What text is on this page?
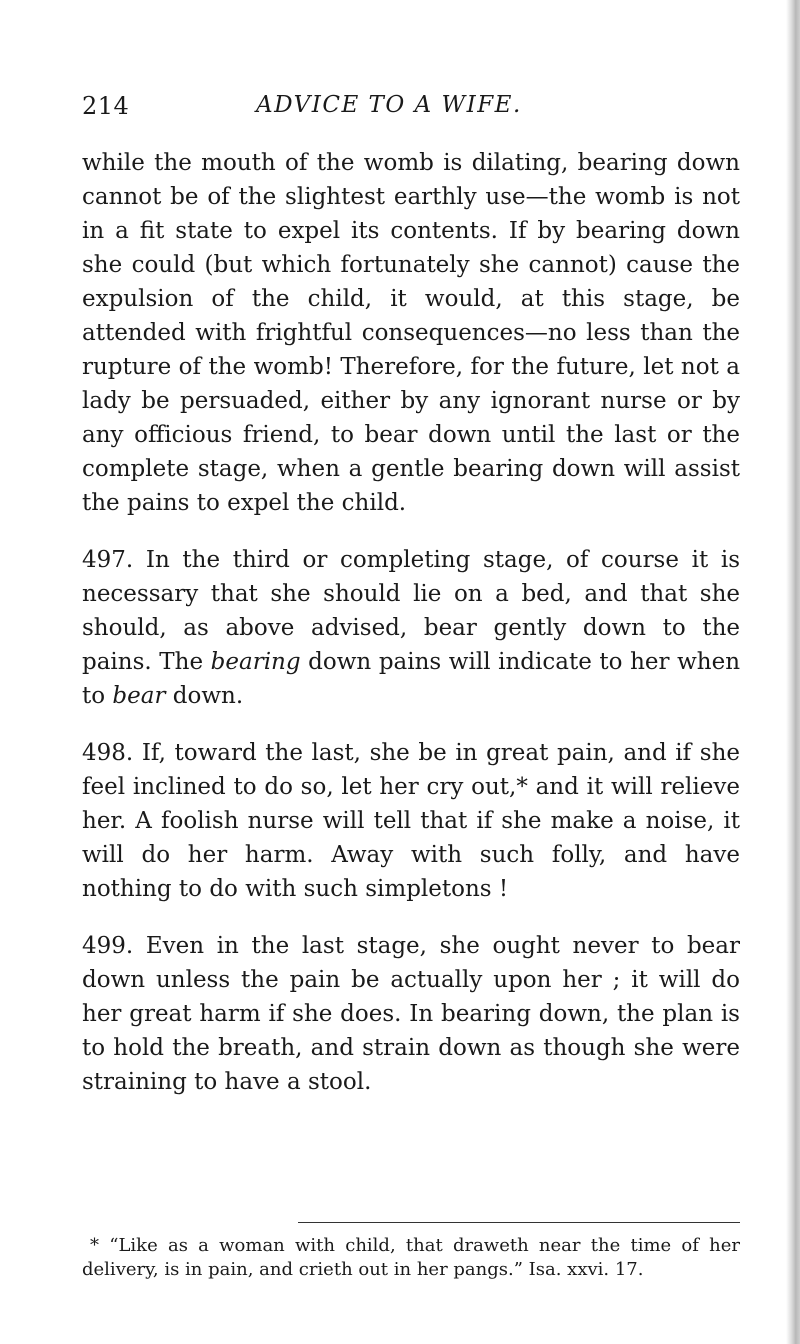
214	ADVICE TO A WIFE.

while the mouth of the womb is dilating, bearing down cannot be of the slightest earthly use—the womb is not in a fit state to expel its contents. If by bearing down she could (but which fortunately she cannot) cause the expulsion of the child, it would, at this stage, be attended with frightful consequences—no less than the rupture of the womb! Therefore, for the future, let not a lady be persuaded, either by any ignorant nurse or by any officious friend, to bear down until the last or the complete stage, when a gentle bearing down will assist the pains to expel the child.

497. In the third or completing stage, of course it is necessary that she should lie on a bed, and that she should, as above advised, bear gently down to the pains. The bearing down pains will indicate to her when to bear down.

498. If, toward the last, she be in great pain, and if she feel inclined to do so, let her cry out,* and it will relieve her. A foolish nurse will tell that if she make a noise, it will do her harm. Away with such folly, and have nothing to do with such simpletons !

499. Even in the last stage, she ought never to bear down unless the pain be actually upon her ; it will do her great harm if she does. In bearing down, the plan is to hold the breath, and strain down as though she were straining to have a stool.

* “Like as a woman with child, that draweth near the time of her delivery, is in pain, and crieth out in her pangs.” Isa. xxvi. 17.
